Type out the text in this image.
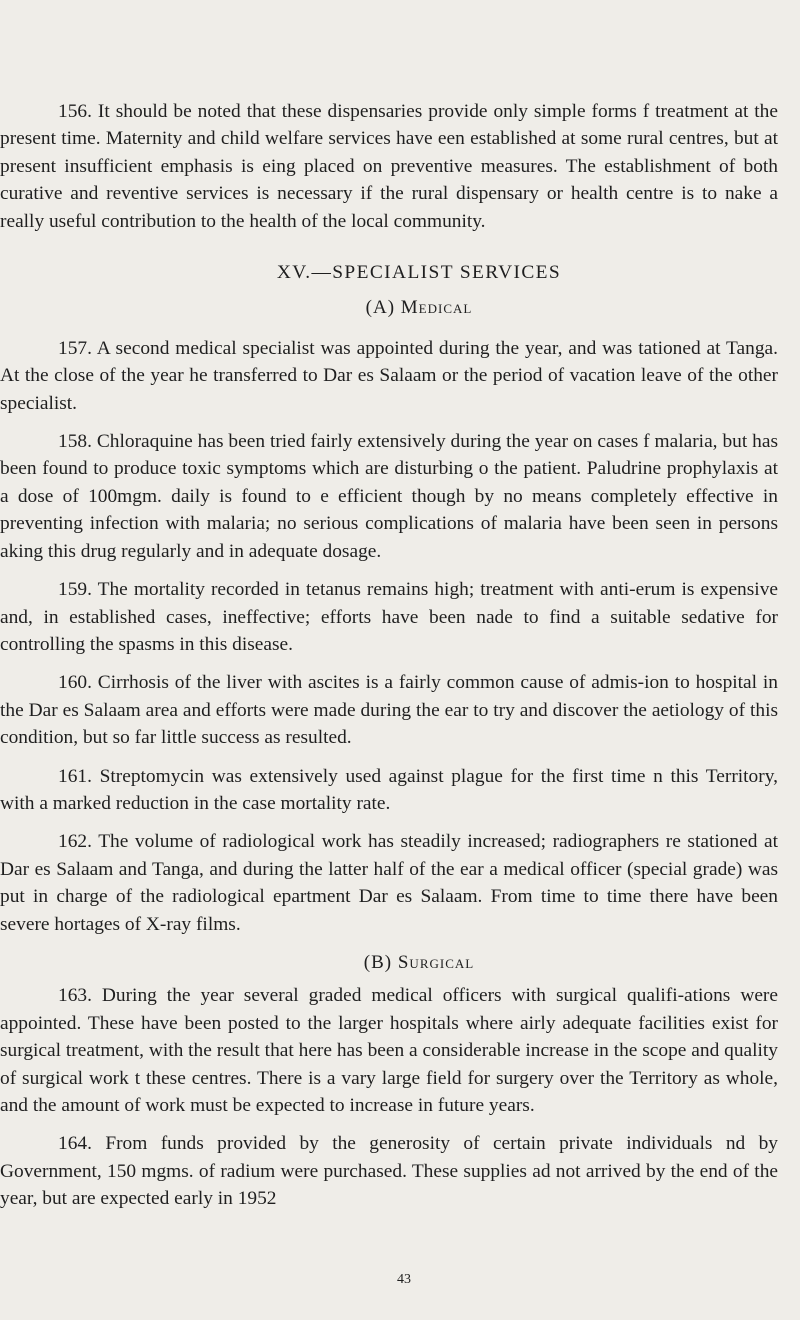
156. It should be noted that these dispensaries provide only simple forms f treatment at the present time. Maternity and child welfare services have een established at some rural centres, but at present insufficient emphasis is eing placed on preventive measures. The establishment of both curative and reventive services is necessary if the rural dispensary or health centre is to nake a really useful contribution to the health of the local community.

XV.—SPECIALIST SERVICES
(A) Medical

157. A second medical specialist was appointed during the year, and was tationed at Tanga. At the close of the year he transferred to Dar es Salaam or the period of vacation leave of the other specialist.

158. Chloraquine has been tried fairly extensively during the year on cases f malaria, but has been found to produce toxic symptoms which are disturbing o the patient. Paludrine prophylaxis at a dose of 100mgm. daily is found to e efficient though by no means completely effective in preventing infection with malaria; no serious complications of malaria have been seen in persons aking this drug regularly and in adequate dosage.

159. The mortality recorded in tetanus remains high; treatment with anti-erum is expensive and, in established cases, ineffective; efforts have been nade to find a suitable sedative for controlling the spasms in this disease.

160. Cirrhosis of the liver with ascites is a fairly common cause of admis-ion to hospital in the Dar es Salaam area and efforts were made during the ear to try and discover the aetiology of this condition, but so far little success as resulted.

161. Streptomycin was extensively used against plague for the first time n this Territory, with a marked reduction in the case mortality rate.

162. The volume of radiological work has steadily increased; radiographers re stationed at Dar es Salaam and Tanga, and during the latter half of the ear a medical officer (special grade) was put in charge of the radiological epartment Dar es Salaam. From time to time there have been severe hortages of X-ray films.

(B) Surgical

163. During the year several graded medical officers with surgical qualifi-ations were appointed. These have been posted to the larger hospitals where airly adequate facilities exist for surgical treatment, with the result that here has been a considerable increase in the scope and quality of surgical work t these centres. There is a vary large field for surgery over the Territory as whole, and the amount of work must be expected to increase in future years.

164. From funds provided by the generosity of certain private individuals nd by Government, 150 mgms. of radium were purchased. These supplies ad not arrived by the end of the year, but are expected early in 1952

43
